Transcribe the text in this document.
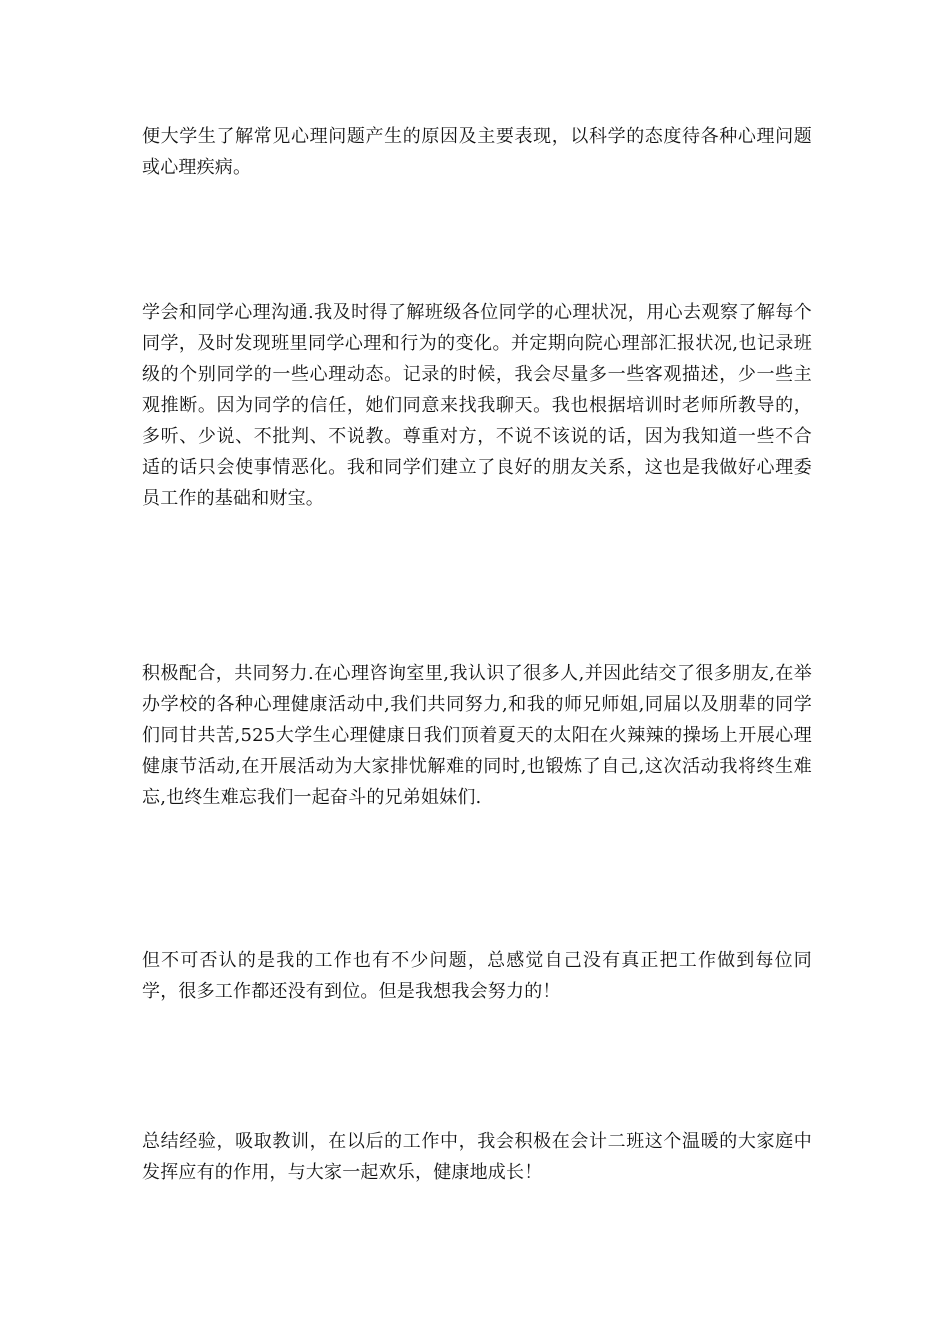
便大学生了解常见心理问题产生的原因及主要表现，以科学的态度待各种心理问题或心理疾病。

学会和同学心理沟通.我及时得了解班级各位同学的心理状况，用心去观察了解每个同学，及时发现班里同学心理和行为的变化。并定期向院心理部汇报状况,也记录班级的个别同学的一些心理动态。记录的时候，我会尽量多一些客观描述，少一些主观推断。因为同学的信任，她们同意来找我聊天。我也根据培训时老师所教导的，多听、少说、不批判、不说教。尊重对方，不说不该说的话，因为我知道一些不合适的话只会使事情恶化。我和同学们建立了良好的朋友关系，这也是我做好心理委员工作的基础和财宝。

积极配合，共同努力.在心理咨询室里,我认识了很多人,并因此结交了很多朋友,在举办学校的各种心理健康活动中,我们共同努力,和我的师兄师姐,同届以及朋辈的同学们同甘共苦,525大学生心理健康日我们顶着夏天的太阳在火辣辣的操场上开展心理健康节活动,在开展活动为大家排忧解难的同时,也锻炼了自己,这次活动我将终生难忘,也终生难忘我们一起奋斗的兄弟姐妹们.

但不可否认的是我的工作也有不少问题，总感觉自己没有真正把工作做到每位同学，很多工作都还没有到位。但是我想我会努力的！

总结经验，吸取教训，在以后的工作中，我会积极在会计二班这个温暖的大家庭中发挥应有的作用，与大家一起欢乐，健康地成长！
